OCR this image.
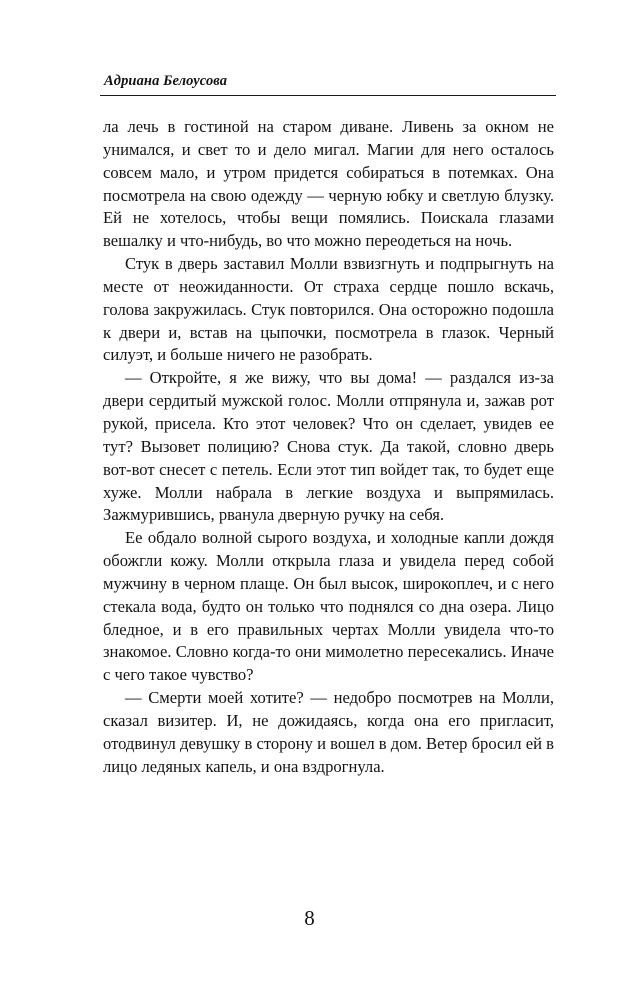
Адриана Белоусова

ла лечь в гостиной на старом диване. Ливень за окном не унимался, и свет то и дело мигал. Магии для него осталось совсем мало, и утром придется собираться в потемках. Она посмотрела на свою одежду — черную юбку и светлую блузку. Ей не хотелось, чтобы вещи помялись. Поискала глазами вешалку и что-нибудь, во что можно переодеться на ночь.

Стук в дверь заставил Молли взвизгнуть и подпрыгнуть на месте от неожиданности. От страха сердце пошло вскачь, голова закружилась. Стук повторился. Она осторожно подошла к двери и, встав на цыпочки, посмотрела в глазок. Черный силуэт, и больше ничего не разобрать.

— Откройте, я же вижу, что вы дома! — раздался из-за двери сердитый мужской голос. Молли отпрянула и, зажав рот рукой, присела. Кто этот человек? Что он сделает, увидев ее тут? Вызовет полицию? Снова стук. Да такой, словно дверь вот-вот снесет с петель. Если этот тип войдет так, то будет еще хуже. Молли набрала в легкие воздуха и выпрямилась. Зажмурившись, рванула дверную ручку на себя.

Ее обдало волной сырого воздуха, и холодные капли дождя обожгли кожу. Молли открыла глаза и увидела перед собой мужчину в черном плаще. Он был высок, широкоплеч, и с него стекала вода, будто он только что поднялся со дна озера. Лицо бледное, и в его правильных чертах Молли увидела что-то знакомое. Словно когда-то они мимолетно пересекались. Иначе с чего такое чувство?

— Смерти моей хотите? — недобро посмотрев на Молли, сказал визитер. И, не дожидаясь, когда она его пригласит, отодвинул девушку в сторону и вошел в дом. Ветер бросил ей в лицо ледяных капель, и она вздрогнула.

8
